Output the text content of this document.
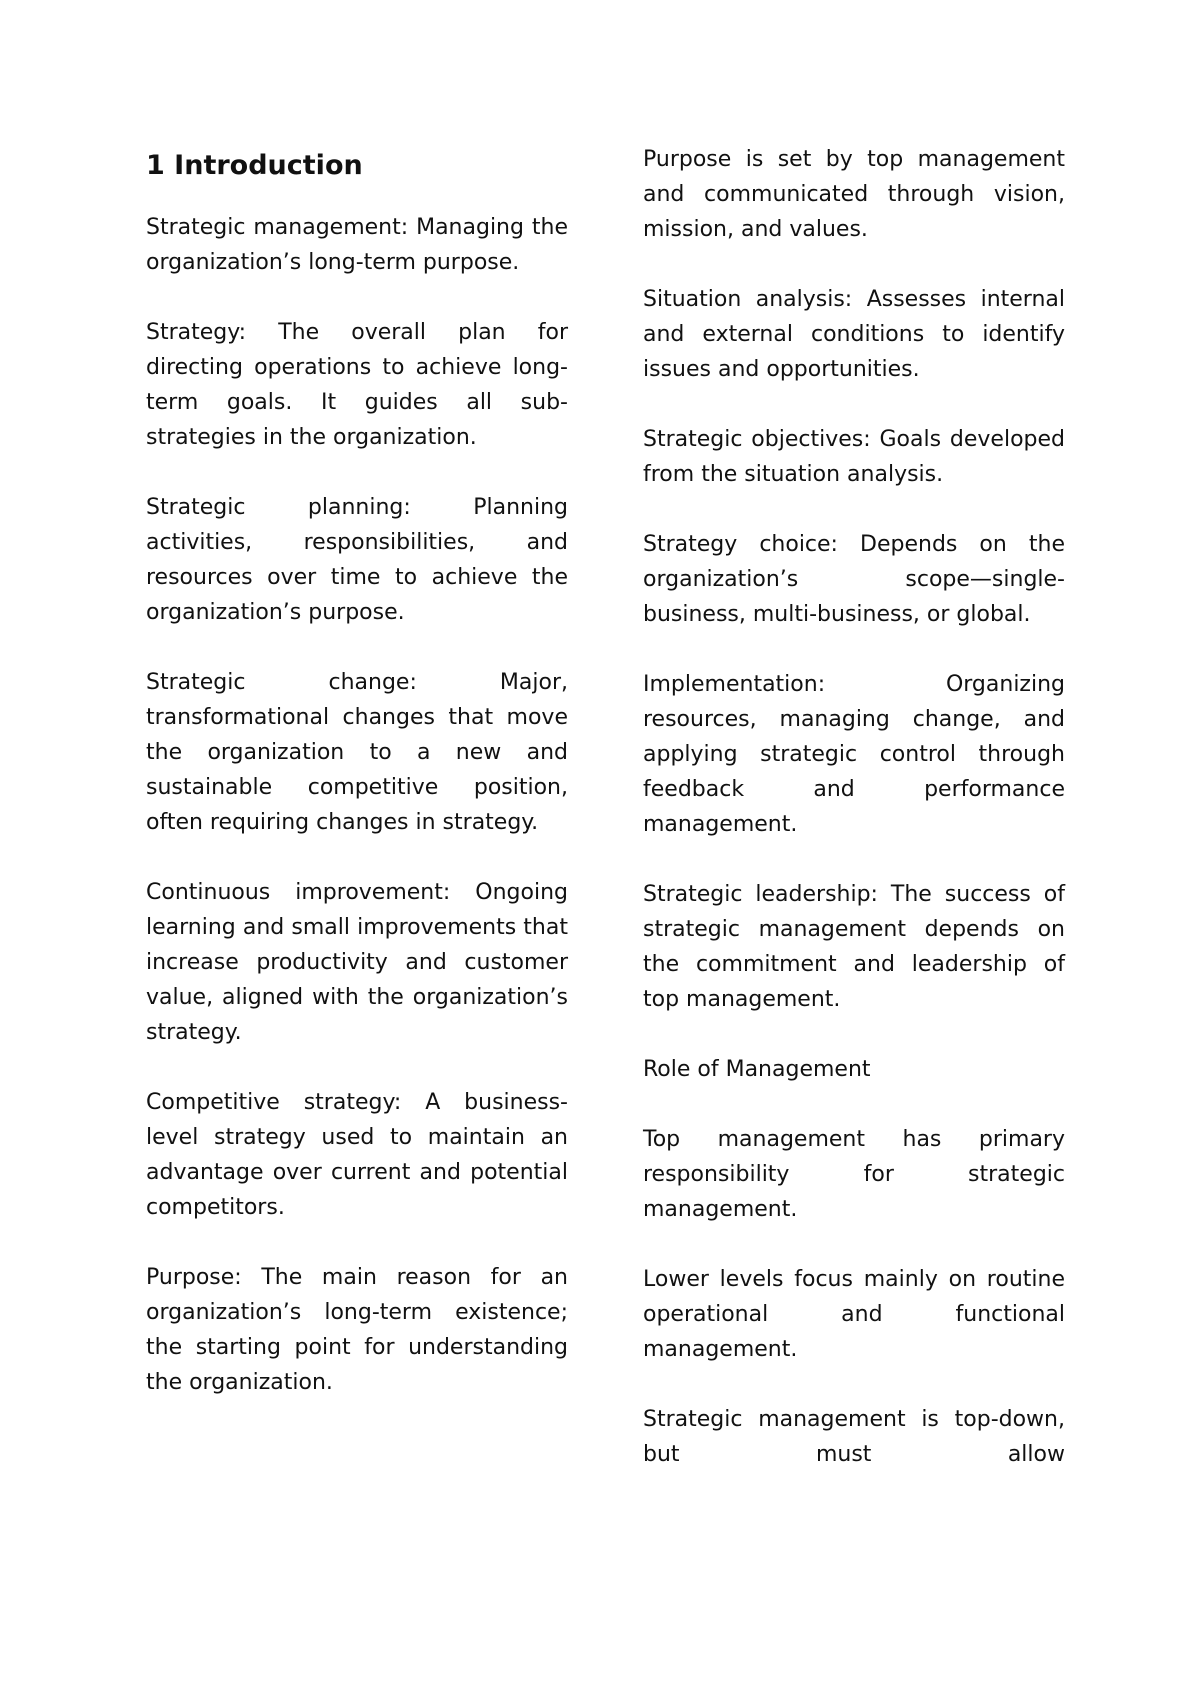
1 Introduction

Strategic management: Managing the organization’s long-term purpose.

Strategy: The overall plan for directing operations to achieve long-term goals. It guides all sub-strategies in the organization.

Strategic planning: Planning activities, responsibilities, and resources over time to achieve the organization’s purpose.

Strategic change: Major, transformational changes that move the organization to a new and sustainable competitive position, often requiring changes in strategy.

Continuous improvement: Ongoing learning and small improvements that increase productivity and customer value, aligned with the organization’s strategy.

Competitive strategy: A business-level strategy used to maintain an advantage over current and potential competitors.

Purpose: The main reason for an organization’s long-term existence; the starting point for understanding the organization.

Purpose is set by top management and communicated through vision, mission, and values.

Situation analysis: Assesses internal and external conditions to identify issues and opportunities.

Strategic objectives: Goals developed from the situation analysis.

Strategy choice: Depends on the organization’s scope—single-business, multi-business, or global.

Implementation: Organizing resources, managing change, and applying strategic control through feedback and performance management.

Strategic leadership: The success of strategic management depends on the commitment and leadership of top management.

Role of Management

Top management has primary responsibility for strategic management.

Lower levels focus mainly on routine operational and functional management.

Strategic management is top-down, but must allow
